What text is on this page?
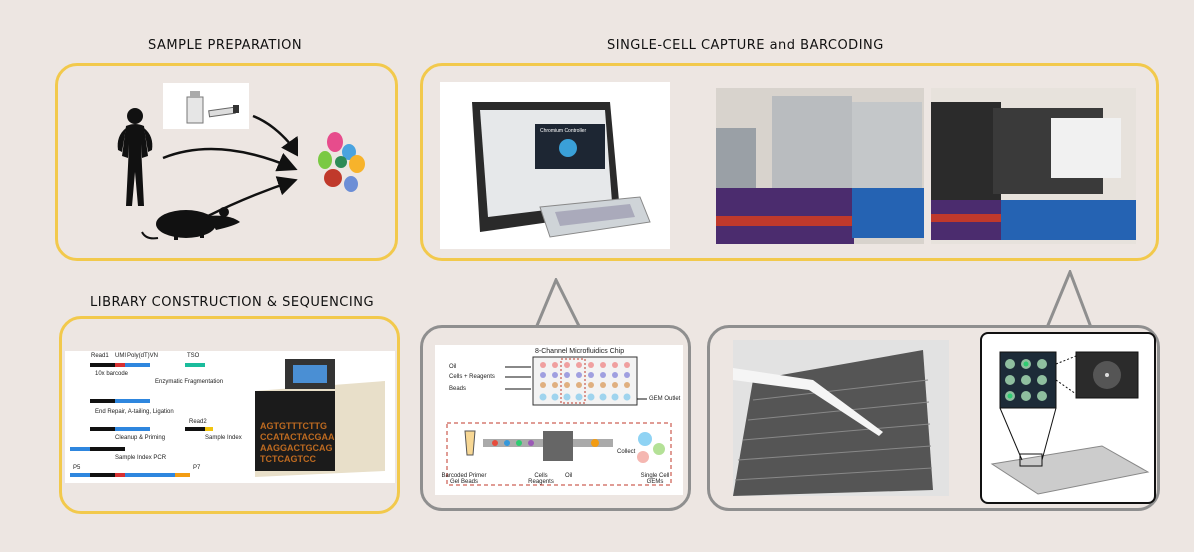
SAMPLE PREPARATION	SINGLE-CELL CAPTURE and BARCODING
LIBRARY CONSTRUCTION & SEQUENCING
Chromium Controller
Read1 UMI Poly(dT)VN	TSO
10x barcode
Enzymatic Fragmentation
End Repair, A-tailing, Ligation
Read2
Cleanup & Priming	Sample Index
Sample Index PCR
P5	P7
AGTGTTTCTTG CCATACTACGAA AAGGACTGCAG TCTCAGTCC
8-Channel Microfluidics Chip
Oil
Cells + Reagents
Beads
GEM Outlet
Barcoded Primer Gel Beads
Cells Reagents
Oil
Collect
Single Cell GEMs
